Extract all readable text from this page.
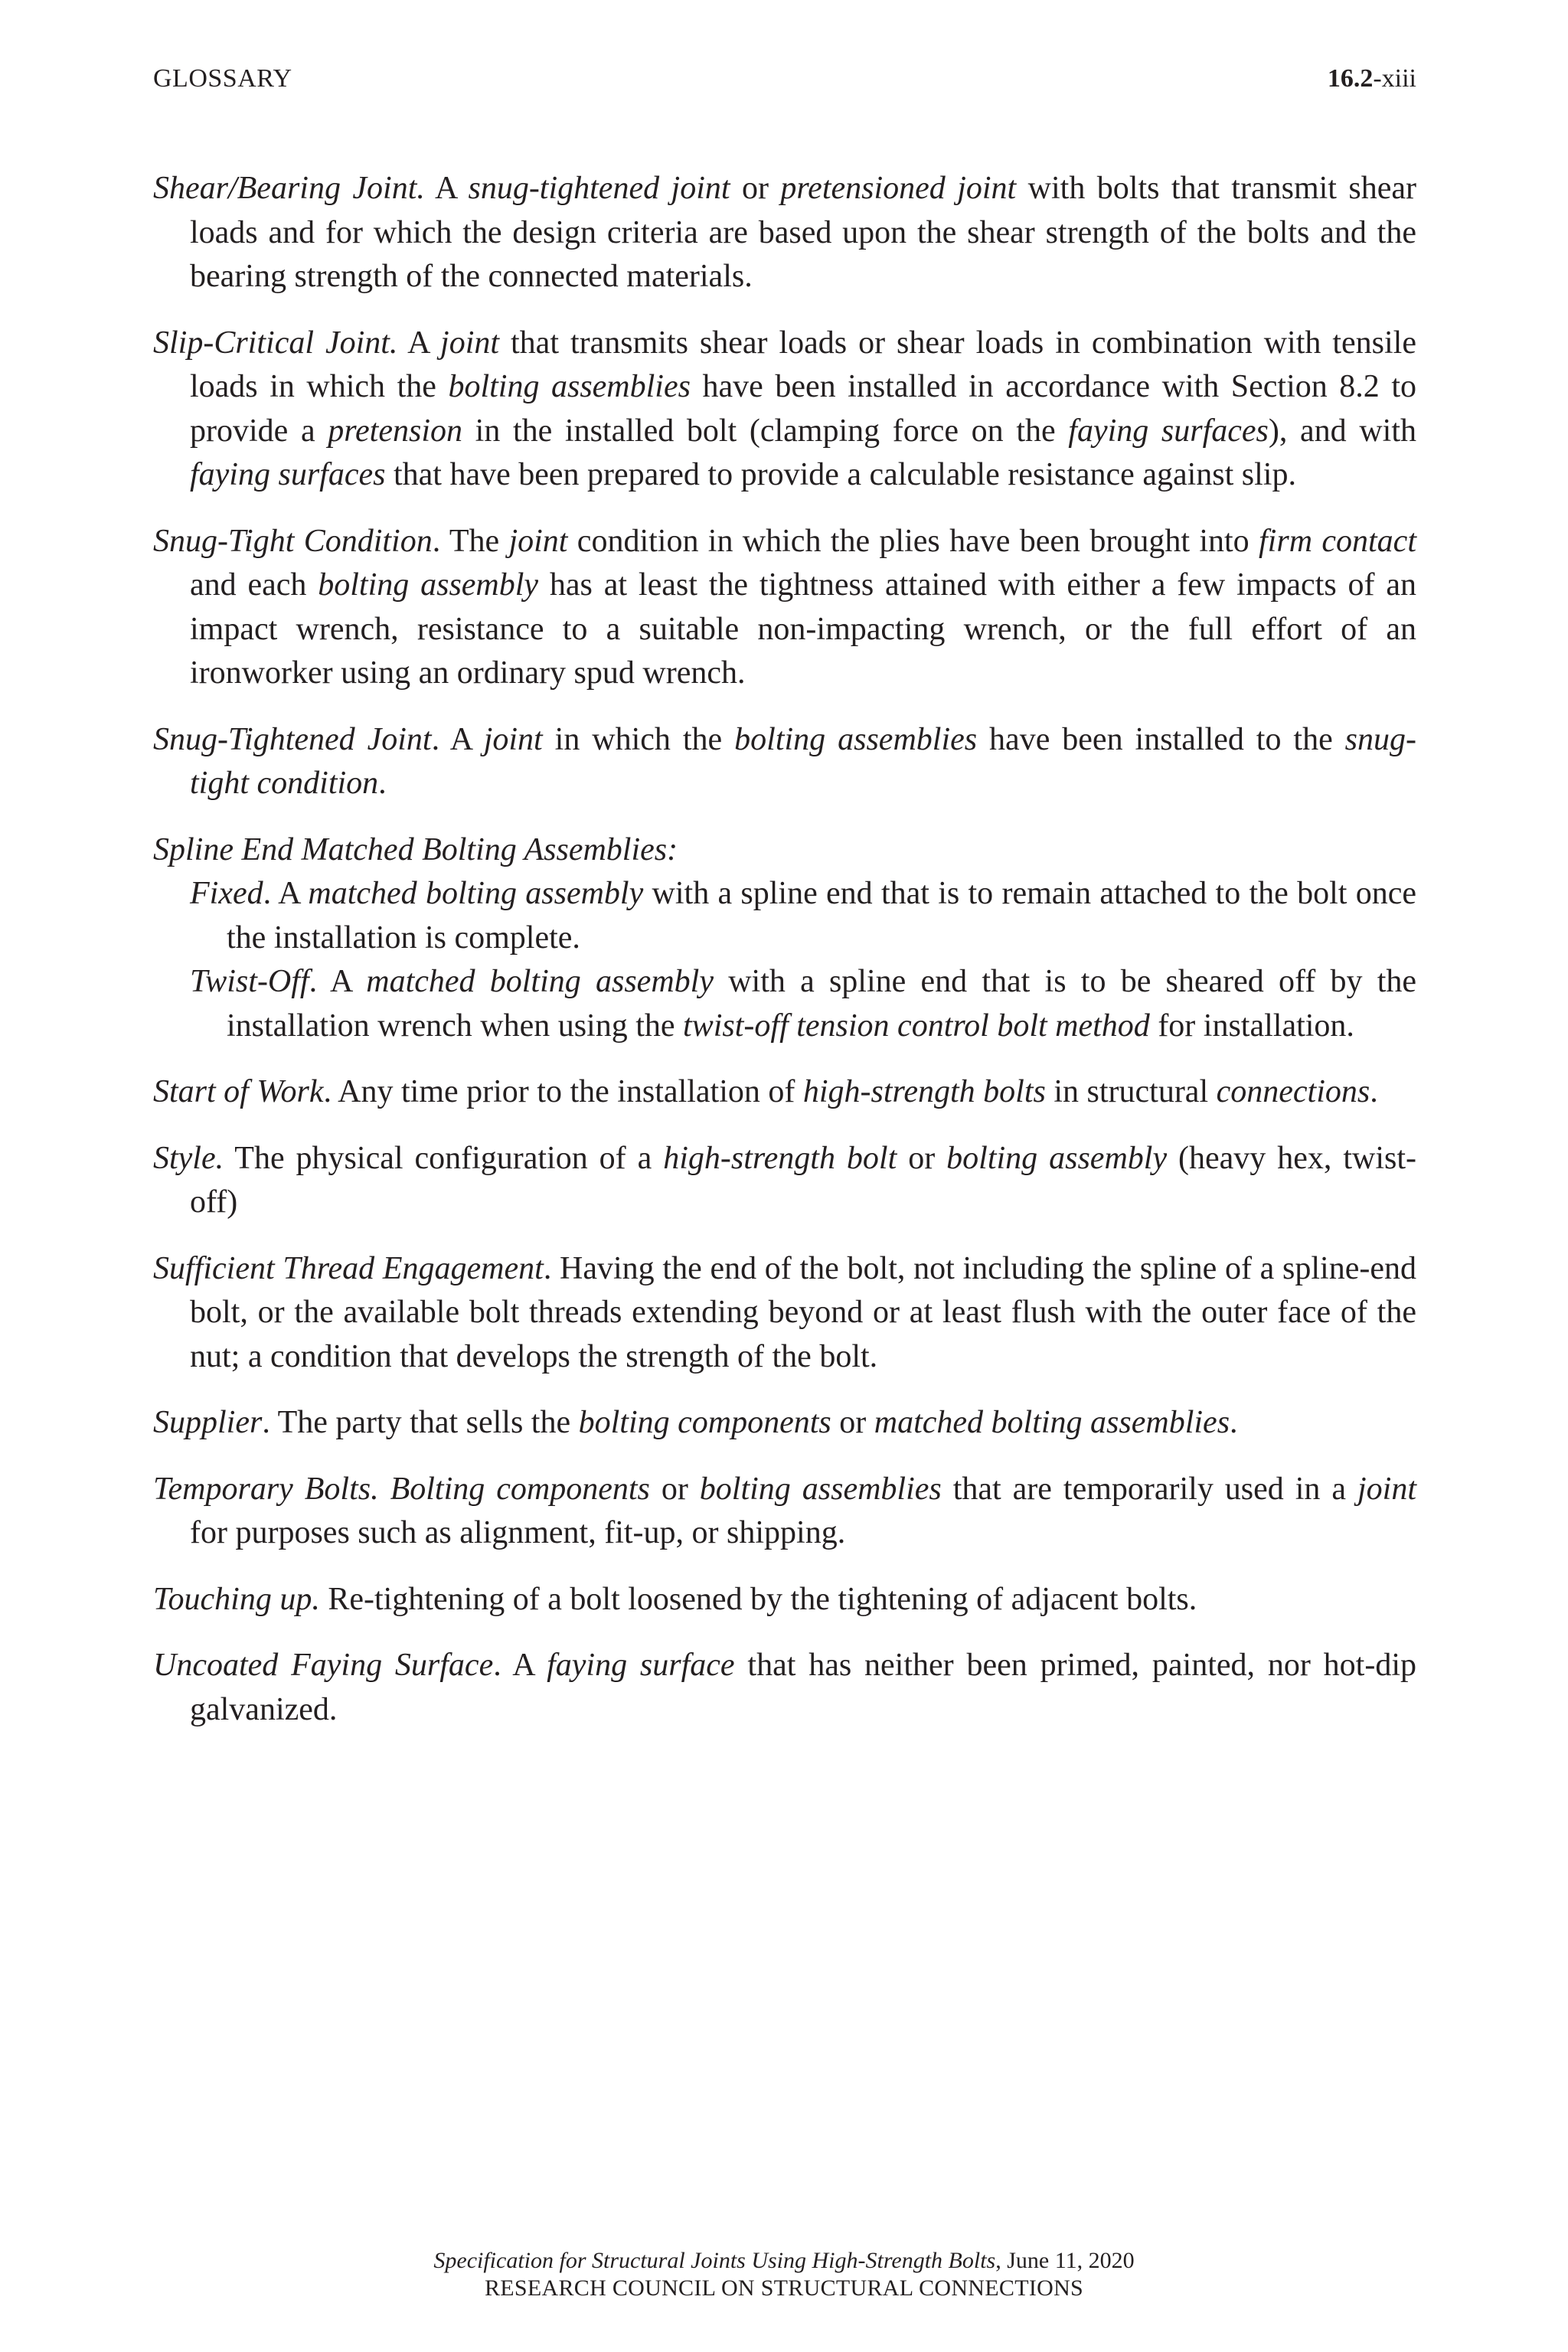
GLOSSARY	16.2-xiii

Shear/Bearing Joint. A snug-tightened joint or pretensioned joint with bolts that transmit shear loads and for which the design criteria are based upon the shear strength of the bolts and the bearing strength of the connected materials.

Slip-Critical Joint. A joint that transmits shear loads or shear loads in combination with tensile loads in which the bolting assemblies have been installed in accordance with Section 8.2 to provide a pretension in the installed bolt (clamping force on the faying surfaces), and with faying surfaces that have been prepared to provide a calculable resistance against slip.

Snug-Tight Condition. The joint condition in which the plies have been brought into firm contact and each bolting assembly has at least the tightness attained with either a few impacts of an impact wrench, resistance to a suitable non-impacting wrench, or the full effort of an ironworker using an ordinary spud wrench.

Snug-Tightened Joint. A joint in which the bolting assemblies have been installed to the snug-tight condition.

Spline End Matched Bolting Assemblies:

Fixed. A matched bolting assembly with a spline end that is to remain attached to the bolt once the installation is complete.

Twist-Off. A matched bolting assembly with a spline end that is to be sheared off by the installation wrench when using the twist-off tension control bolt method for installation.

Start of Work. Any time prior to the installation of high-strength bolts in structural connections.

Style. The physical configuration of a high-strength bolt or bolting assembly (heavy hex, twist-off)

Sufficient Thread Engagement. Having the end of the bolt, not including the spline of a spline-end bolt, or the available bolt threads extending beyond or at least flush with the outer face of the nut; a condition that develops the strength of the bolt.

Supplier. The party that sells the bolting components or matched bolting assemblies.

Temporary Bolts. Bolting components or bolting assemblies that are temporarily used in a joint for purposes such as alignment, fit-up, or shipping.

Touching up. Re-tightening of a bolt loosened by the tightening of adjacent bolts.

Uncoated Faying Surface. A faying surface that has neither been primed, painted, nor hot-dip galvanized.

Specification for Structural Joints Using High-Strength Bolts, June 11, 2020
RESEARCH COUNCIL ON STRUCTURAL CONNECTIONS
